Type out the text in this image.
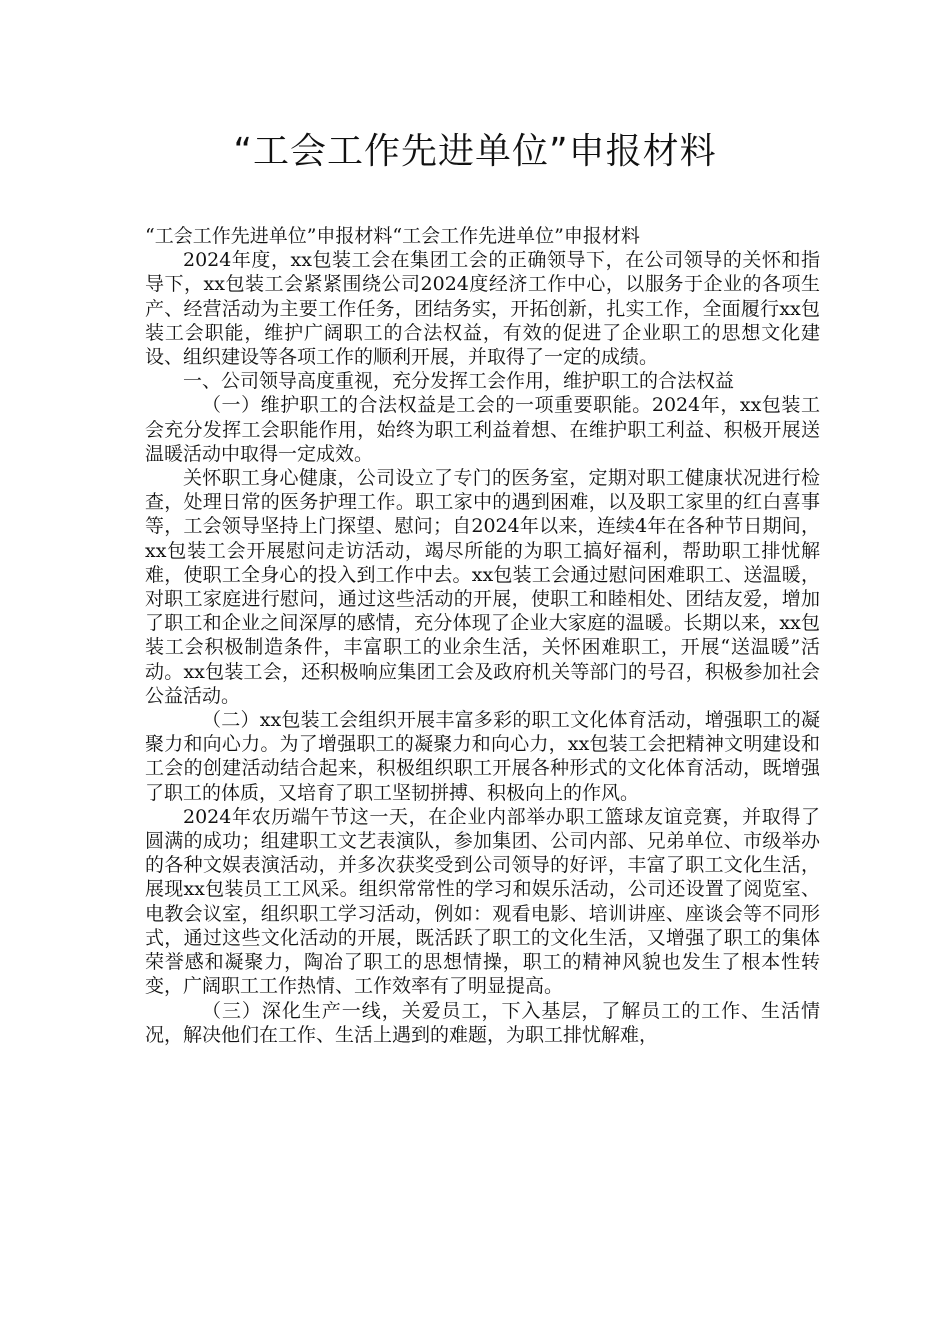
“工会工作先进单位”申报材料

“工会工作先进单位”申报材料“工会工作先进单位”申报材料

2024年度，xx包装工会在集团工会的正确领导下，在公司领导的关怀和指导下，xx包装工会紧紧围绕公司2024度经济工作中心，以服务于企业的各项生产、经营活动为主要工作任务，团结务实，开拓创新，扎实工作，全面履行xx包装工会职能，维护广阔职工的合法权益，有效的促进了企业职工的思想文化建设、组织建设等各项工作的顺利开展，并取得了一定的成绩。

一、公司领导高度重视，充分发挥工会作用，维护职工的合法权益

（一）维护职工的合法权益是工会的一项重要职能。2024年，xx包装工会充分发挥工会职能作用，始终为职工利益着想、在维护职工利益、积极开展送温暖活动中取得一定成效。

关怀职工身心健康，公司设立了专门的医务室，定期对职工健康状况进行检查，处理日常的医务护理工作。职工家中的遇到困难，以及职工家里的红白喜事等，工会领导坚持上门探望、慰问；自2024年以来，连续4年在各种节日期间，xx包装工会开展慰问走访活动，竭尽所能的为职工搞好福利，帮助职工排忧解难，使职工全身心的投入到工作中去。xx包装工会通过慰问困难职工、送温暖，对职工家庭进行慰问，通过这些活动的开展，使职工和睦相处、团结友爱，增加了职工和企业之间深厚的感情，充分体现了企业大家庭的温暖。长期以来，xx包装工会积极制造条件，丰富职工的业余生活，关怀困难职工，开展“送温暖”活动。xx包装工会，还积极响应集团工会及政府机关等部门的号召，积极参加社会公益活动。

（二）xx包装工会组织开展丰富多彩的职工文化体育活动，增强职工的凝聚力和向心力。为了增强职工的凝聚力和向心力，xx包装工会把精神文明建设和工会的创建活动结合起来，积极组织职工开展各种形式的文化体育活动，既增强了职工的体质，又培育了职工坚韧拼搏、积极向上的作风。

2024年农历端午节这一天，在企业内部举办职工篮球友谊竞赛，并取得了圆满的成功；组建职工文艺表演队，参加集团、公司内部、兄弟单位、市级举办的各种文娱表演活动，并多次获奖受到公司领导的好评，丰富了职工文化生活，展现xx包装员工工风采。组织常常性的学习和娱乐活动，公司还设置了阅览室、电教会议室，组织职工学习活动，例如：观看电影、培训讲座、座谈会等不同形式，通过这些文化活动的开展，既活跃了职工的文化生活，又增强了职工的集体荣誉感和凝聚力，陶冶了职工的思想情操，职工的精神风貌也发生了根本性转变，广阔职工工作热情、工作效率有了明显提高。

（三）深化生产一线，关爱员工，下入基层，了解员工的工作、生活情况，解决他们在工作、生活上遇到的难题，为职工排忧解难，
